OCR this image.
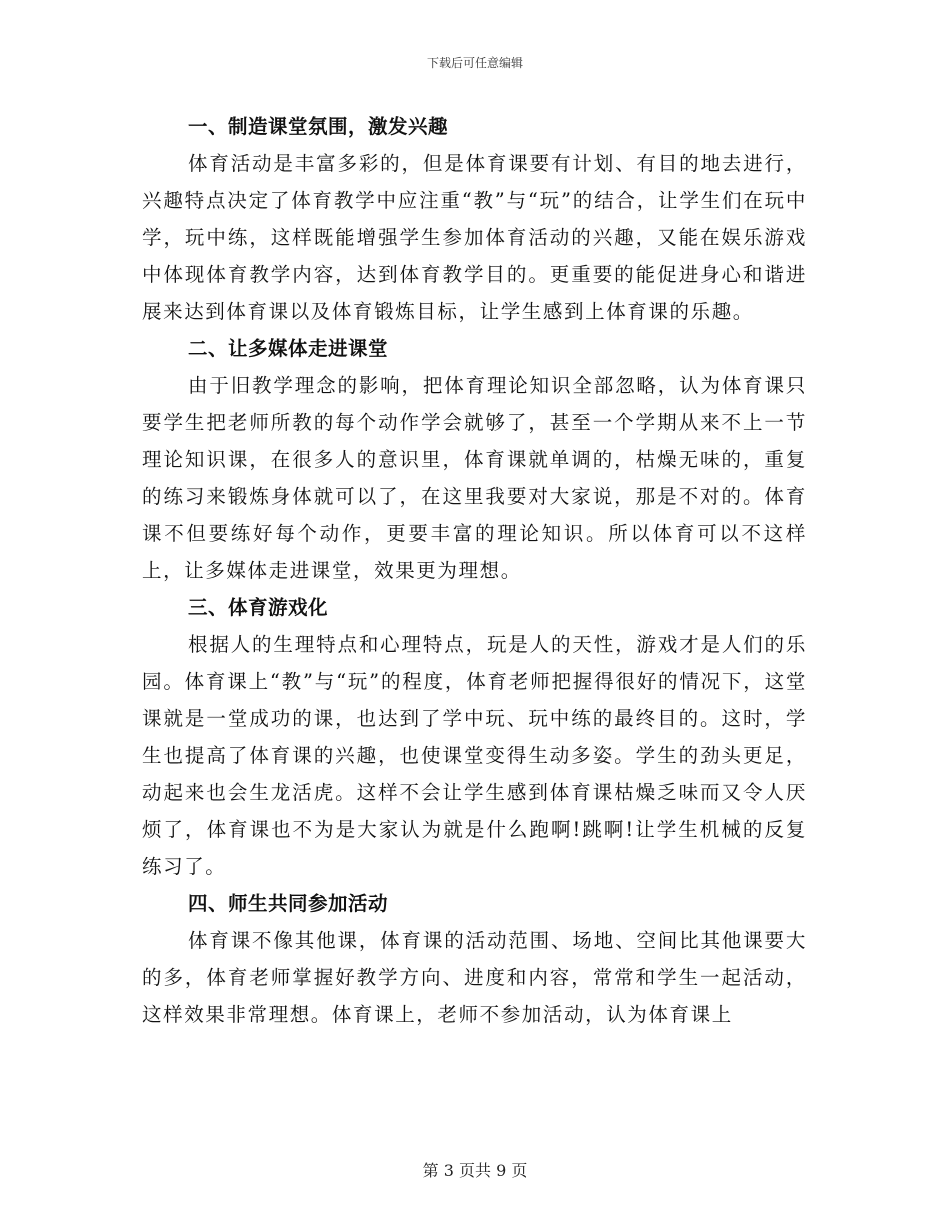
下载后可任意编辑
一、制造课堂氛围，激发兴趣

体育活动是丰富多彩的，但是体育课要有计划、有目的地去进行，兴趣特点决定了体育教学中应注重“教”与“玩”的结合，让学生们在玩中学，玩中练，这样既能增强学生参加体育活动的兴趣，又能在娱乐游戏中体现体育教学内容，达到体育教学目的。更重要的能促进身心和谐进展来达到体育课以及体育锻炼目标，让学生感到上体育课的乐趣。

二、让多媒体走进课堂

由于旧教学理念的影响，把体育理论知识全部忽略，认为体育课只要学生把老师所教的每个动作学会就够了，甚至一个学期从来不上一节理论知识课，在很多人的意识里，体育课就单调的，枯燥无味的，重复的练习来锻炼身体就可以了，在这里我要对大家说，那是不对的。体育课不但要练好每个动作，更要丰富的理论知识。所以体育可以不这样上，让多媒体走进课堂，效果更为理想。

三、体育游戏化

根据人的生理特点和心理特点，玩是人的天性，游戏才是人们的乐园。体育课上“教”与“玩”的程度，体育老师把握得很好的情况下，这堂课就是一堂成功的课，也达到了学中玩、玩中练的最终目的。这时，学生也提高了体育课的兴趣，也使课堂变得生动多姿。学生的劲头更足，动起来也会生龙活虎。这样不会让学生感到体育课枯燥乏味而又令人厌烦了，体育课也不为是大家认为就是什么跑啊!跳啊!让学生机械的反复练习了。

四、师生共同参加活动

体育课不像其他课，体育课的活动范围、场地、空间比其他课要大的多，体育老师掌握好教学方向、进度和内容，常常和学生一起活动，这样效果非常理想。体育课上，老师不参加活动，认为体育课上

第 3 页共 9 页
